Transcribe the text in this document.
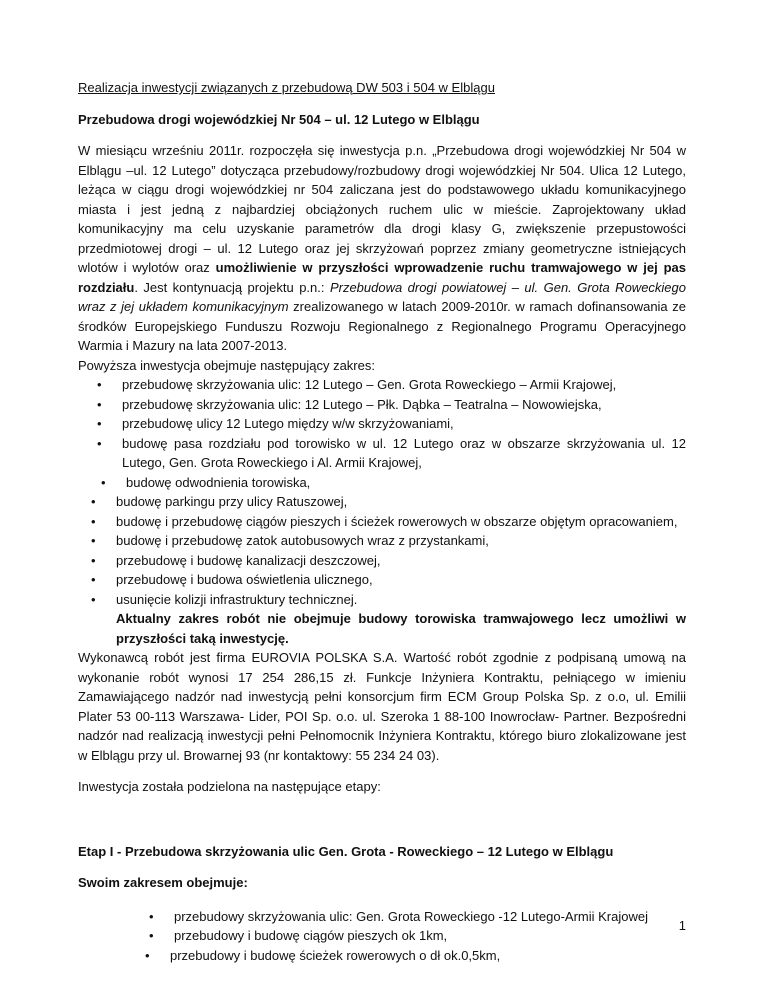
Realizacja inwestycji związanych z przebudową DW 503 i 504 w Elblągu

Przebudowa drogi wojewódzkiej Nr 504 – ul. 12 Lutego w Elblągu

W miesiącu wrześniu 2011r. rozpoczęła się inwestycja p.n. „Przebudowa drogi wojewódzkiej Nr 504 w Elblągu –ul. 12 Lutego” dotycząca przebudowy/rozbudowy drogi wojewódzkiej Nr 504. Ulica 12 Lutego, leżąca w ciągu drogi wojewódzkiej nr 504 zaliczana jest do podstawowego układu komunikacyjnego miasta i jest jedną z najbardziej obciążonych ruchem ulic w mieście. Zaprojektowany układ komunikacyjny ma celu uzyskanie parametrów dla drogi klasy G, zwiększenie przepustowości przedmiotowej drogi – ul. 12 Lutego oraz jej skrzyżowań poprzez zmiany geometryczne istniejących wlotów i wylotów oraz umożliwienie w przyszłości wprowadzenie ruchu tramwajowego w jej pas rozdziału. Jest kontynuacją projektu p.n.: Przebudowa drogi powiatowej – ul. Gen. Grota Roweckiego wraz z jej układem komunikacyjnym zrealizowanego w latach 2009-2010r. w ramach dofinansowania ze środków Europejskiego Funduszu Rozwoju Regionalnego z Regionalnego Programu Operacyjnego Warmia i Mazury na lata 2007-2013.

Powyższa inwestycja obejmuje następujący zakres:

• przebudowę skrzyżowania ulic: 12 Lutego – Gen. Grota Roweckiego – Armii Krajowej,
• przebudowę skrzyżowania ulic: 12 Lutego – Płk. Dąbka – Teatralna – Nowowiejska,
• przebudowę ulicy 12 Lutego między w/w skrzyżowaniami,
• budowę pasa rozdziału pod torowisko w ul. 12 Lutego oraz w obszarze skrzyżowania ul. 12 Lutego, Gen. Grota Roweckiego i Al. Armii Krajowej,
• budowę odwodnienia torowiska,
• budowę parkingu przy ulicy Ratuszowej,
• budowę i przebudowę ciągów pieszych i ścieżek rowerowych w obszarze objętym opracowaniem,
• budowę i przebudowę zatok autobusowych wraz z przystankami,
• przebudowę i budowę kanalizacji deszczowej,
• przebudowę i budowa oświetlenia ulicznego,
• usunięcie kolizji infrastruktury technicznej.

Aktualny zakres robót nie obejmuje budowy torowiska tramwajowego lecz umożliwi w przyszłości taką inwestycję.

Wykonawcą robót jest firma EUROVIA POLSKA S.A. Wartość robót zgodnie z podpisaną umową na wykonanie robót wynosi 17 254 286,15 zł. Funkcje Inżyniera Kontraktu, pełniącego w imieniu Zamawiającego nadzór nad inwestycją pełni konsorcjum firm ECM Group Polska Sp. z o.o, ul. Emilii Plater 53 00-113 Warszawa- Lider, POI Sp. o.o. ul. Szeroka 1 88-100 Inowrocław- Partner. Bezpośredni nadzór nad realizacją inwestycji pełni Pełnomocnik Inżyniera Kontraktu, którego biuro zlokalizowane jest w Elblągu przy ul. Browarnej 93 (nr kontaktowy: 55 234 24 03).

Inwestycja została podzielona na następujące etapy:

Etap I - Przebudowa skrzyżowania ulic Gen. Grota - Roweckiego – 12 Lutego w Elblągu

Swoim zakresem obejmuje:

• przebudowy skrzyżowania ulic: Gen. Grota Roweckiego -12 Lutego-Armii Krajowej
• przebudowy i budowę ciągów pieszych ok 1km,
• przebudowy i budowę ścieżek rowerowych o dł ok.0,5km,
1
